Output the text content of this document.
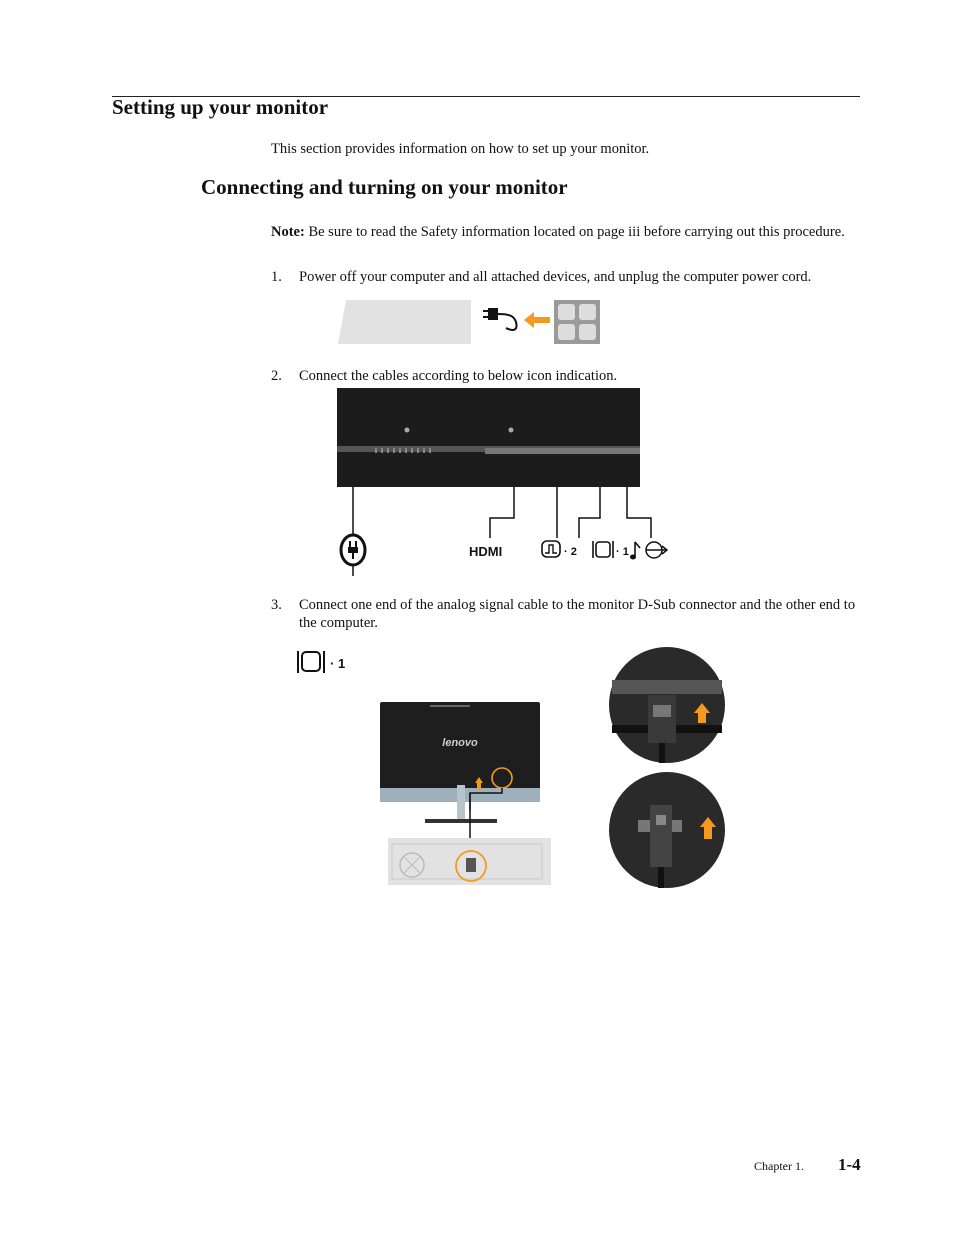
Setting up your monitor
This section provides information on how to set up your monitor.
Connecting and turning on your monitor
Note: Be sure to read the Safety information located on page iii before carrying out this procedure.
1. Power off your computer and all attached devices, and unplug the computer power cord.
2. Connect the cables according to below icon indication.
HDMI	· 2	· 1
3. Connect one end of the analog signal cable to the monitor D-Sub connector and the other end to the computer.
· 1
lenovo
Chapter 1. 1-4
